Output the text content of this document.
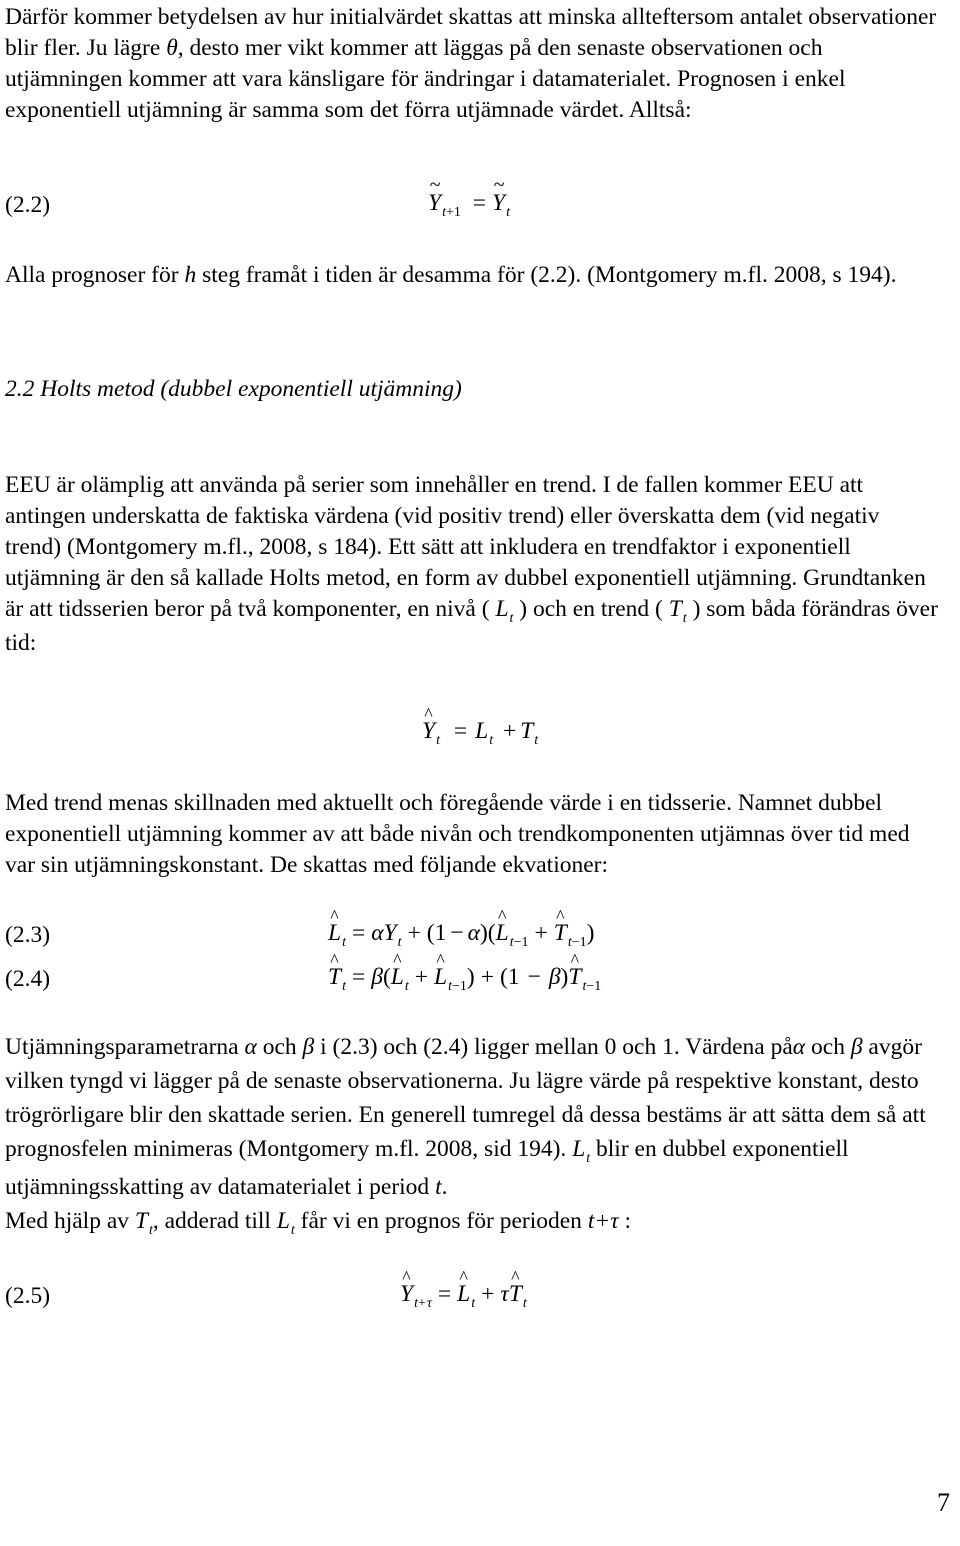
Därför kommer betydelsen av hur initialvärdet skattas att minska allteftersom antalet observationer blir fler. Ju lägre θ, desto mer vikt kommer att läggas på den senaste observationen och utjämningen kommer att vara känsligare för ändringar i datamaterialet. Prognosen i enkel exponentiell utjämning är samma som det förra utjämnade värdet. Alltså:

(2.2)	~ $Y_{t+1}$ = ~ $Y_t$

Alla prognoser för h steg framåt i tiden är desamma för (2.2). (Montgomery m.fl. 2008, s 194).

2.2 Holts metod (dubbel exponentiell utjämning)

EEU är olämplig att använda på serier som innehåller en trend. I de fallen kommer EEU att antingen underskatta de faktiska värdena (vid positiv trend) eller överskatta dem (vid negativ trend) (Montgomery m.fl., 2008, s 184). Ett sätt att inkludera en trendfaktor i exponentiell utjämning är den så kallade Holts metod, en form av dubbel exponentiell utjämning. Grundtanken är att tidsserien beror på två komponenter, en nivå ( $L_t$ ) och en trend ( $T_t$ ) som båda förändras över tid:

^ $Y_t = L_t + T_t$

Med trend menas skillnaden med aktuellt och föregående värde i en tidsserie. Namnet dubbel exponentiell utjämning kommer av att både nivån och trendkomponenten utjämnas över tid med var sin utjämningskonstant. De skattas med följande ekvationer:

(2.3)	^ $L_t = \alpha Y_t + (1$ − α)(^ $L_{t-1}$ + ^ $T_{t-1}$)
(2.4)	^ $T_t$ = β(^ $L_t$ + ^ $L_{t-1}) + (1$ − β)^ $T_{t-1}$

Utjämningsparametrarna α och β i (2.3) och (2.4) ligger mellan 0 och 1. Värdena påα och β avgör vilken tyngd vi lägger på de senaste observationerna. Ju lägre värde på respektive konstant, desto trögrörligare blir den skattade serien. En generell tumregel då dessa bestäms är att sätta dem så att prognosfelen minimeras (Montgomery m.fl. 2008, sid 194). $L_t$ blir en dubbel exponentiell utjämningsskatting av datamaterialet i period t.
Med hjälp av $T_t$, adderad till $L_t$ får vi en prognos för perioden t+τ :

(2.5)	^ $Y_{t+\tau}$ = ^ $L_t$ + τ^ $T_t$
7
